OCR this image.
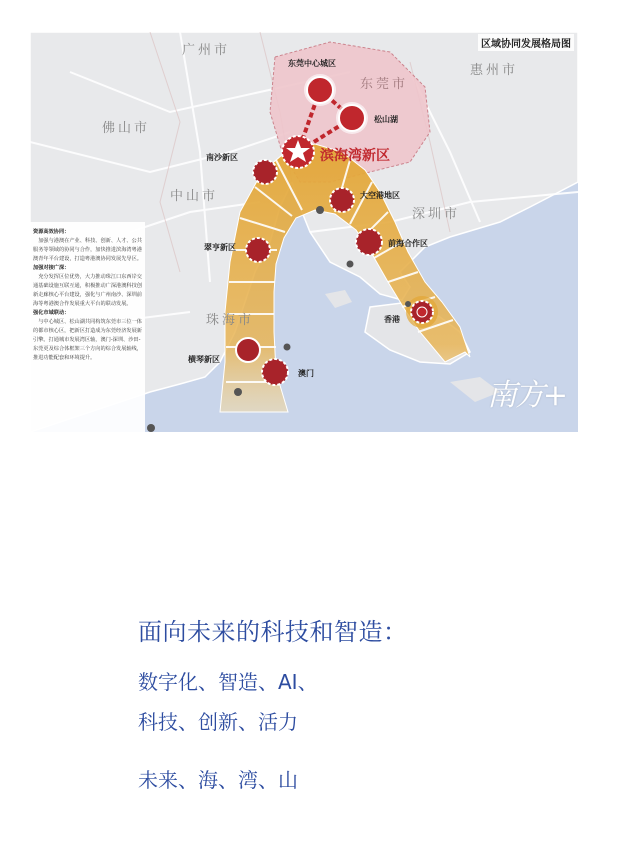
广州市
东莞市
惠州市
佛山市
中山市
深圳市
珠海市
东莞中心城区
松山湖
南沙新区
大空港地区
翠亨新区	前海合作区
香港
横琴新区
澳门
滨海湾新区
区域协同发展格局图
资源高效协同：
加强与港澳在产业、科技、创新、人才、公共服务等领域的协同与合作，加快推进滨海湾粤港澳青年平台建设，打造粤港澳协同发展先导区。
加强对接广深：
充分发挥区位优势，大力推动珠江口东西岸交通基础设施互联互通，积极推动广深港澳科技创新走廊核心平台建设，强化与广州南沙、深圳前海等粤港澳合作发展重大平台的联动发展。
强化市域联动：
与中心城区、松山湖共同构筑东莞市三位一体的都市核心区，把新区打造成为东莞经济发展新引擎。打通城市发展湾区轴，澳门-深圳、沙田-东莞更及综合体框架三个方向的综合发展轴线，推进功能配套和环境提升。
南方+
面向未来的科技和智造：
数字化、智造、AI、
科技、创新、活力
未来、海、湾、山
